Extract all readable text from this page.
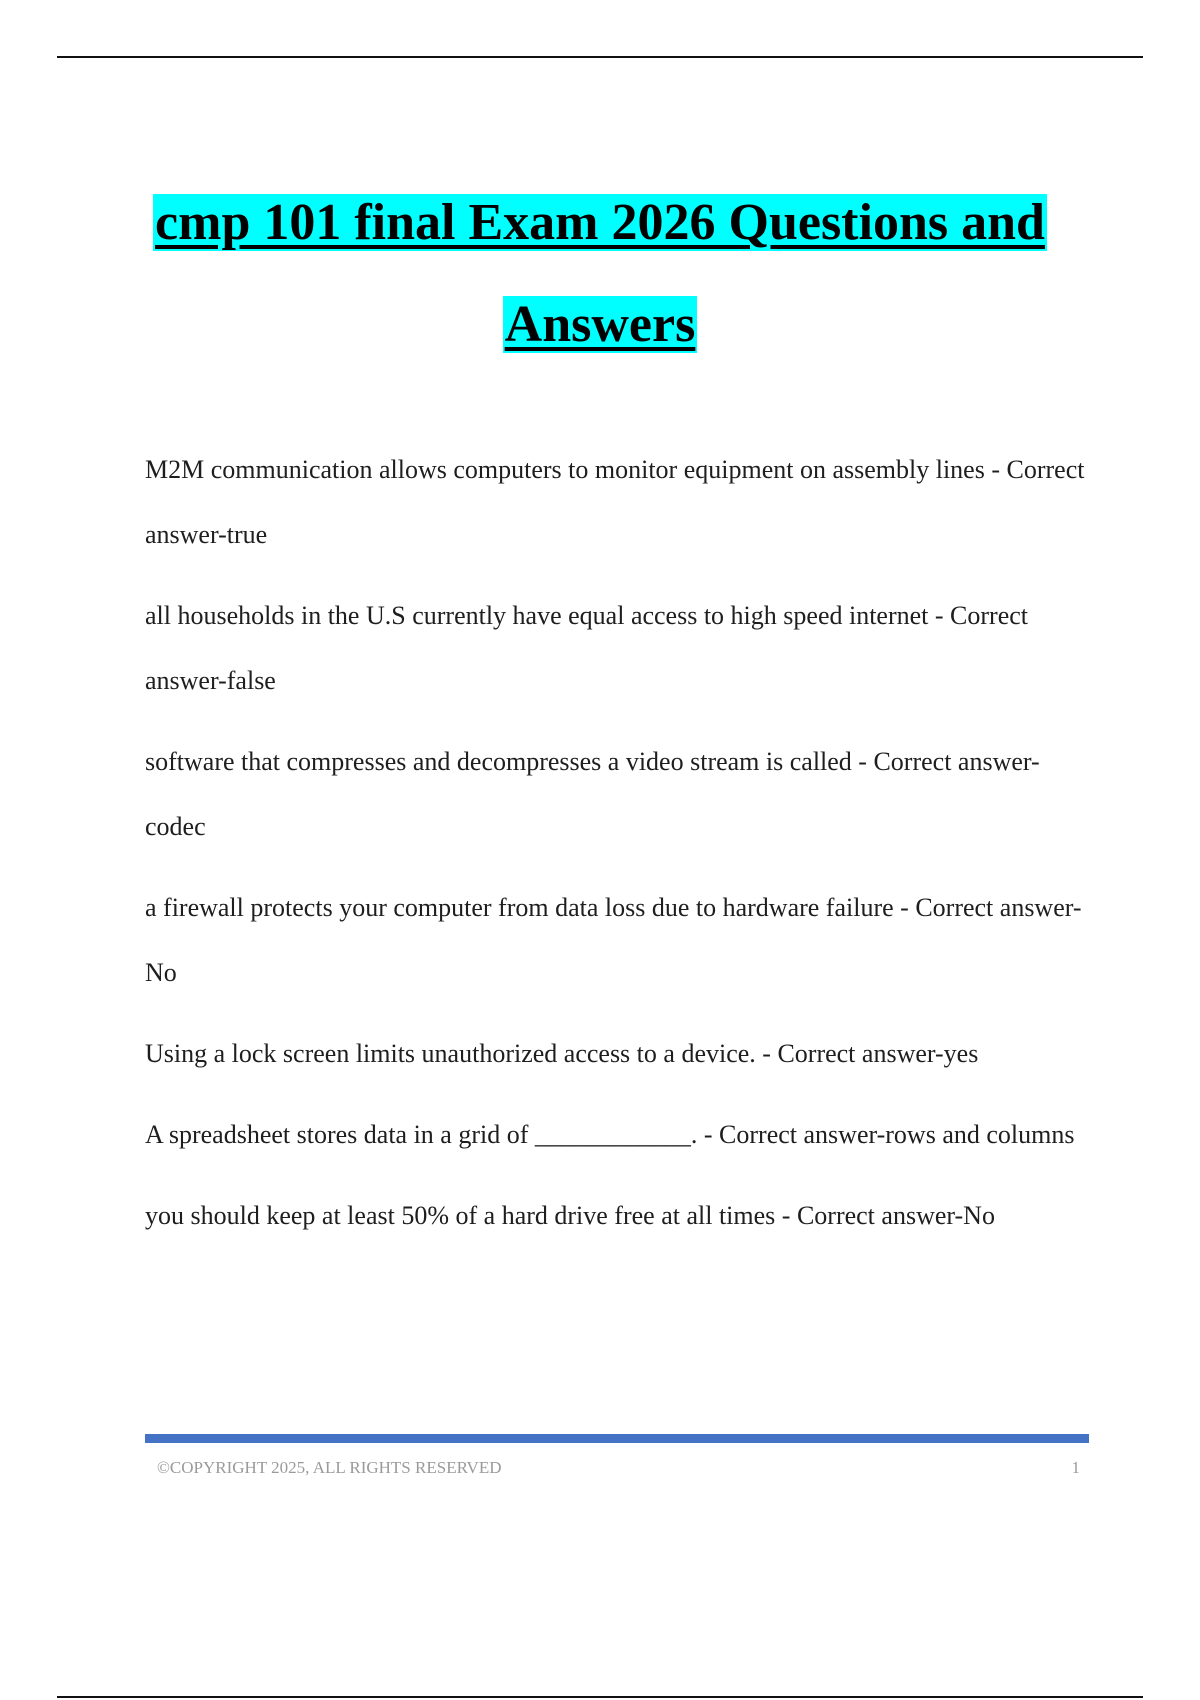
cmp 101 final Exam 2026 Questions and

Answers

M2M communication allows computers to monitor equipment on assembly lines - Correct answer-true
all households in the U.S currently have equal access to high speed internet - Correct answer-false
software that compresses and decompresses a video stream is called - Correct answer-codec
a firewall protects your computer from data loss due to hardware failure - Correct answer-No
Using a lock screen limits unauthorized access to a device. - Correct answer-yes
A spreadsheet stores data in a grid of ____________. - Correct answer-rows and columns
you should keep at least 50% of a hard drive free at all times - Correct answer-No
©COPYRIGHT 2025, ALL RIGHTS RESERVED	1
